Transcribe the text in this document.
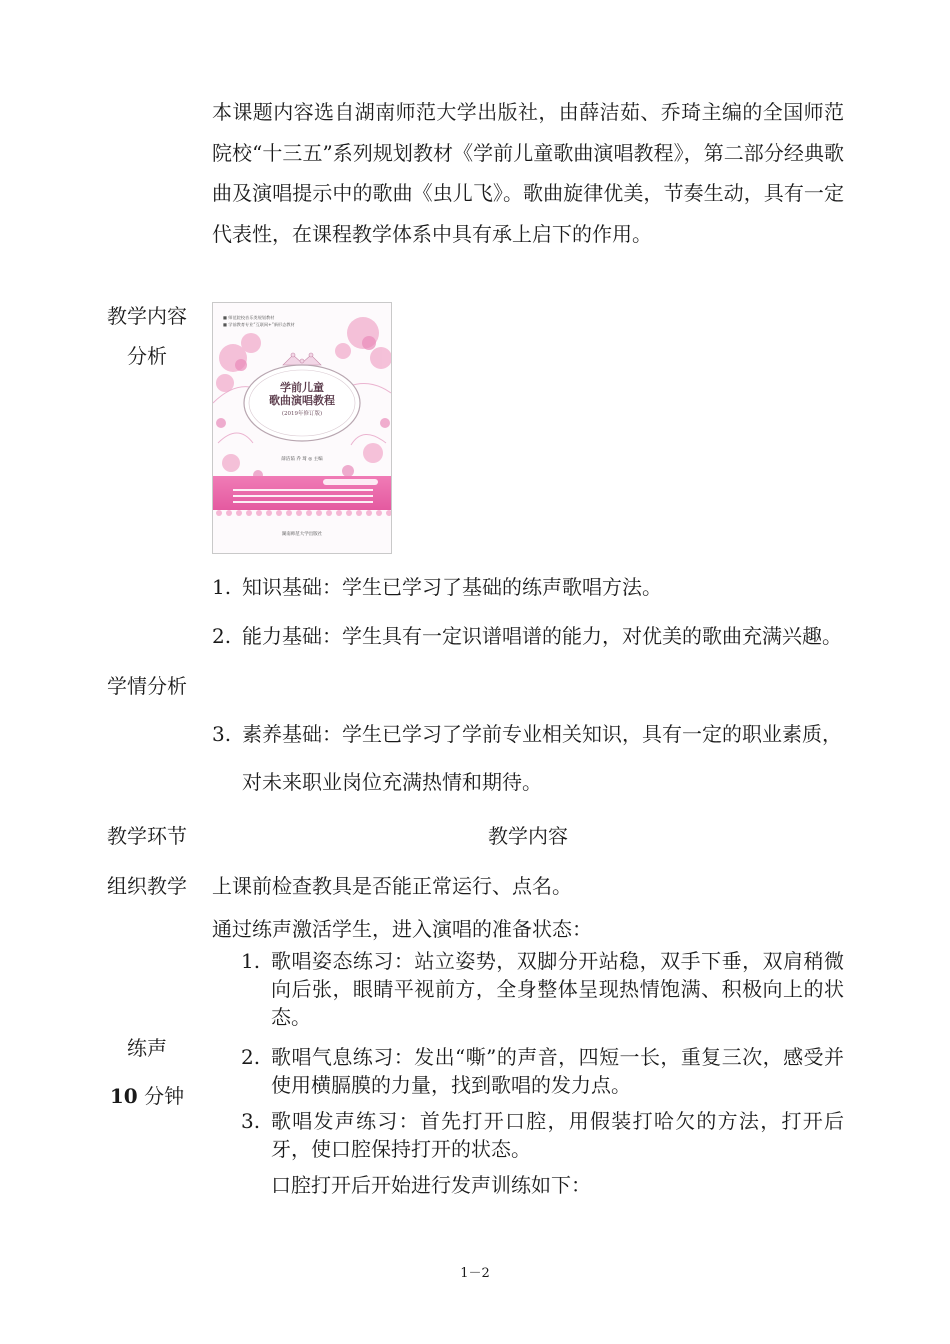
本课题内容选自湖南师范大学出版社，由薛洁茹、乔琦主编的全国师范院校“十三五”系列规划教材《学前儿童歌曲演唱教程》，第二部分经典歌曲及演唱提示中的歌曲《虫儿飞》。歌曲旋律优美，节奏生动，具有一定代表性，在课程教学体系中具有承上启下的作用。
教学内容
分析
■ 师范院校音乐类规划教材
■ 学前教育专业“互联网+”新形态教材
学前儿童
歌曲演唱教程
(2019年修订版)
薛洁茹 乔 琦 ◎ 主编
湖南师范大学出版社
学情分析
1. 知识基础：学生已学习了基础的练声歌唱方法。
2. 能力基础：学生具有一定识谱唱谱的能力，对优美的歌曲充满兴趣。
3. 素养基础：学生已学习了学前专业相关知识，具有一定的职业素质，对未来职业岗位充满热情和期待。
教学环节	教学内容
组织教学	上课前检查教具是否能正常运行、点名。
练声
10 分钟
通过练声激活学生，进入演唱的准备状态：
1. 歌唱姿态练习：站立姿势，双脚分开站稳，双手下垂，双肩稍微向后张，眼睛平视前方，全身整体呈现热情饱满、积极向上的状态。
2. 歌唱气息练习：发出“嘶”的声音，四短一长，重复三次，感受并使用横膈膜的力量，找到歌唱的发力点。
3. 歌唱发声练习：首先打开口腔，用假装打哈欠的方法，打开后牙，使口腔保持打开的状态。
口腔打开后开始进行发声训练如下：
1－2
